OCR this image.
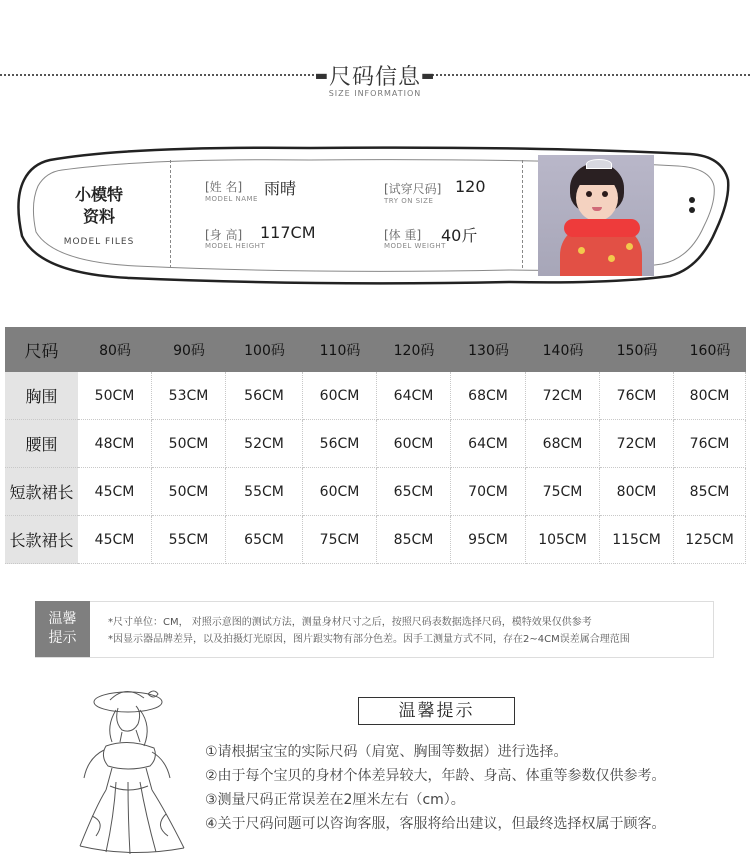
▬尺码信息▬
SIZE INFORMATION
小模特
资料
MODEL FILES
[姓 名] 雨晴
MODEL NAME
[试穿尺码] 120
TRY ON SIZE
[身 高] 117CM
MODEL HEIGHT
[体 重] 40斤
MODEL WEIGHT
尺码	80码	90码	100码	110码	120码	130码	140码	150码	160码
胸围	50CM	53CM	56CM	60CM	64CM	68CM	72CM	76CM	80CM
腰围	48CM	50CM	52CM	56CM	60CM	64CM	68CM	72CM	76CM
短款裙长	45CM	50CM	55CM	60CM	65CM	70CM	75CM	80CM	85CM
长款裙长	45CM	55CM	65CM	75CM	85CM	95CM	105CM	115CM	125CM
温馨
提示
*尺寸单位：CM， 对照示意图的测试方法，测量身材尺寸之后，按照尺码表数据选择尺码，模特效果仅供参考
*因显示器品牌差异，以及拍摄灯光原因，图片跟实物有部分色差。因手工测量方式不同，存在2~4CM误差属合理范围
温馨提示
①请根据宝宝的实际尺码（肩宽、胸围等数据）进行选择。
②由于每个宝贝的身材个体差异较大，年龄、身高、体重等参数仅供参考。
③测量尺码正常误差在2厘米左右（cm）。
④关于尺码问题可以咨询客服，客服将给出建议，但最终选择权属于顾客。
